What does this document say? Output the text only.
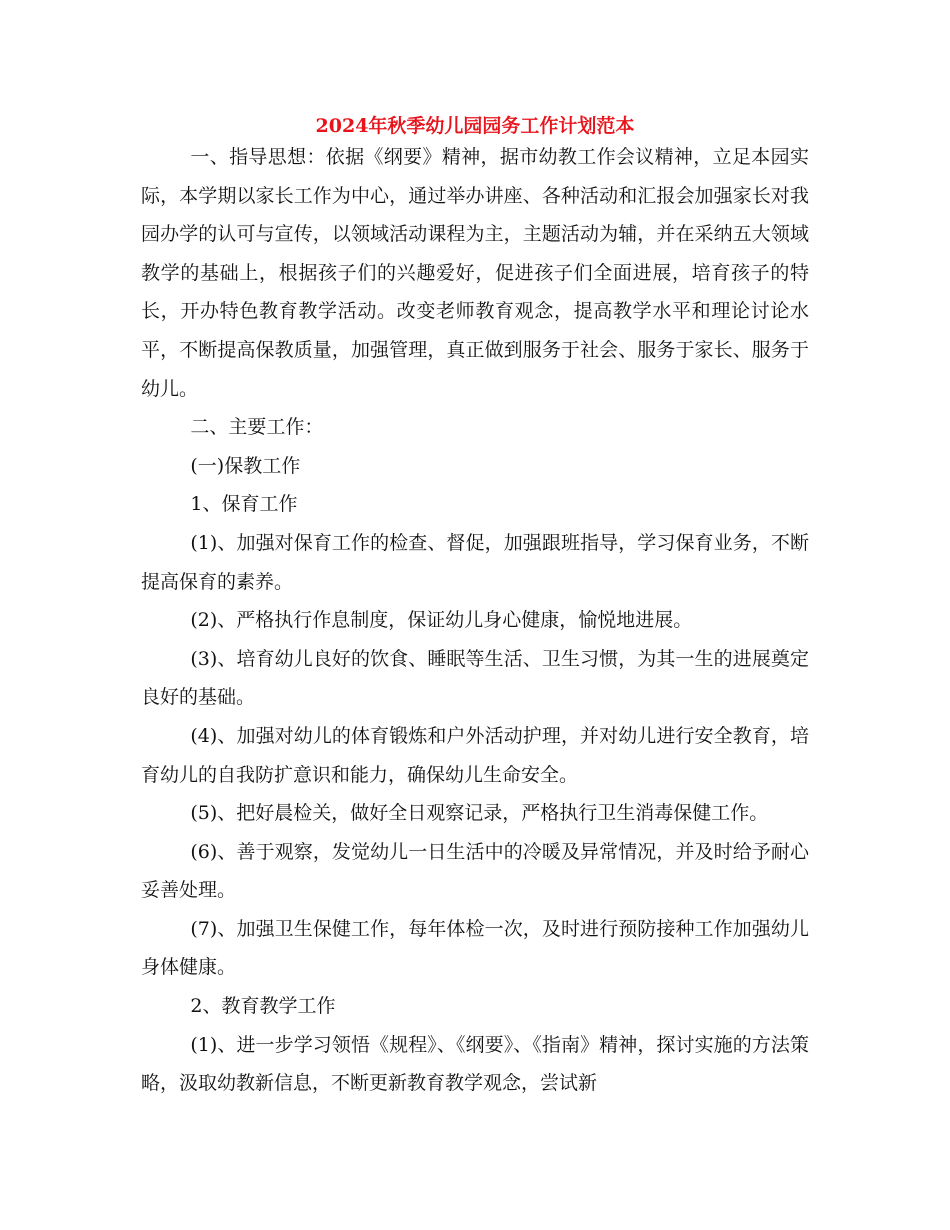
2024年秋季幼儿园园务工作计划范本

一、指导思想：依据《纲要》精神，据市幼教工作会议精神，立足本园实际，本学期以家长工作为中心，通过举办讲座、各种活动和汇报会加强家长对我园办学的认可与宣传，以领域活动课程为主，主题活动为辅，并在采纳五大领域教学的基础上，根据孩子们的兴趣爱好，促进孩子们全面进展，培育孩子的特长，开办特色教育教学活动。改变老师教育观念，提高教学水平和理论讨论水平，不断提高保教质量，加强管理，真正做到服务于社会、服务于家长、服务于幼儿。

二、主要工作：

(一)保教工作

1、保育工作

(1)、加强对保育工作的检查、督促，加强跟班指导，学习保育业务，不断提高保育的素养。

(2)、严格执行作息制度，保证幼儿身心健康，愉悦地进展。

(3)、培育幼儿良好的饮食、睡眠等生活、卫生习惯，为其一生的进展奠定良好的基础。

(4)、加强对幼儿的体育锻炼和户外活动护理，并对幼儿进行安全教育，培育幼儿的自我防扩意识和能力，确保幼儿生命安全。

(5)、把好晨检关，做好全日观察记录，严格执行卫生消毒保健工作。

(6)、善于观察，发觉幼儿一日生活中的冷暖及异常情况，并及时给予耐心妥善处理。

(7)、加强卫生保健工作，每年体检一次，及时进行预防接种工作加强幼儿身体健康。

2、教育教学工作

(1)、进一步学习领悟《规程》、《纲要》、《指南》精神，探讨实施的方法策略，汲取幼教新信息，不断更新教育教学观念，尝试新
